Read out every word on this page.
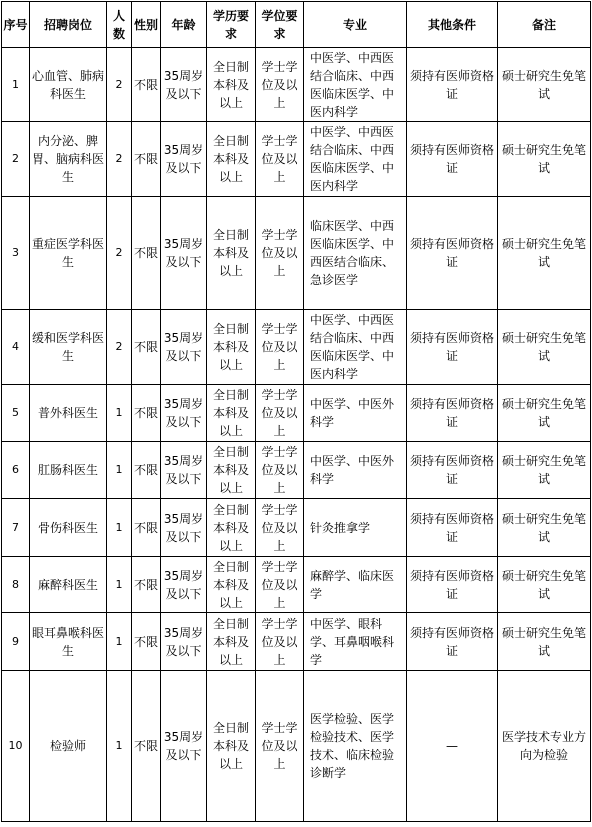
序号	招聘岗位	人数	性别	年龄	学历要求	学位要求	专业	其他条件	备注
1	心血管、肺病科医生	2	不限	35周岁及以下	全日制本科及以上	学士学位及以上	中医学、中西医结合临床、中西医临床医学、中医内科学	须持有医师资格证	硕士研究生免笔试
2	内分泌、脾胃、脑病科医生	2	不限	35周岁及以下	全日制本科及以上	学士学位及以上	中医学、中西医结合临床、中西医临床医学、中医内科学	须持有医师资格证	硕士研究生免笔试
3	重症医学科医生	2	不限	35周岁及以下	全日制本科及以上	学士学位及以上	临床医学、中西医临床医学、中西医结合临床、急诊医学	须持有医师资格证	硕士研究生免笔试
4	缓和医学科医生	2	不限	35周岁及以下	全日制本科及以上	学士学位及以上	中医学、中西医结合临床、中西医临床医学、中医内科学	须持有医师资格证	硕士研究生免笔试
5	普外科医生	1	不限	35周岁及以下	全日制本科及以上	学士学位及以上	中医学、中医外科学	须持有医师资格证	硕士研究生免笔试
6	肛肠科医生	1	不限	35周岁及以下	全日制本科及以上	学士学位及以上	中医学、中医外科学	须持有医师资格证	硕士研究生免笔试
7	骨伤科医生	1	不限	35周岁及以下	全日制本科及以上	学士学位及以上	针灸推拿学	须持有医师资格证	硕士研究生免笔试
8	麻醉科医生	1	不限	35周岁及以下	全日制本科及以上	学士学位及以上	麻醉学、临床医学	须持有医师资格证	硕士研究生免笔试
9	眼耳鼻喉科医生	1	不限	35周岁及以下	全日制本科及以上	学士学位及以上	中医学、眼科学、耳鼻咽喉科学	须持有医师资格证	硕士研究生免笔试
10	检验师	1	不限	35周岁及以下	全日制本科及以上	学士学位及以上	医学检验、医学检验技术、医学技术、临床检验诊断学	—	医学技术专业方向为检验
